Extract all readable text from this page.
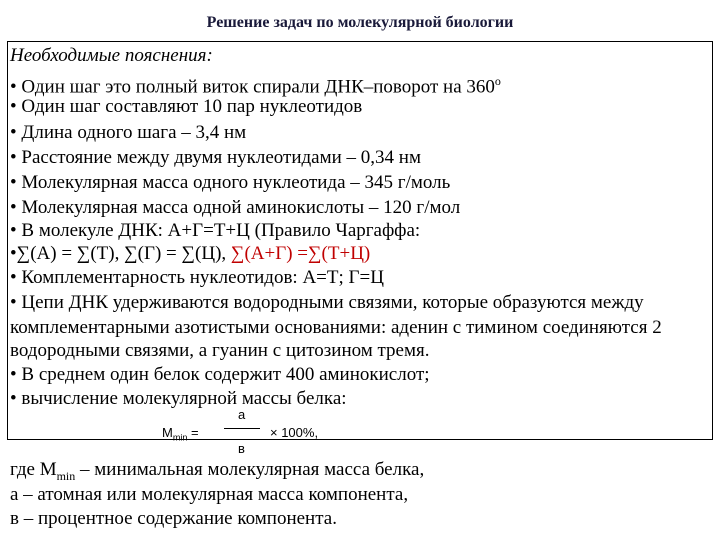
Решение задач по молекулярной биологии
Необходимые пояснения:
• Один шаг это полный виток спирали ДНК–поворот на $360^о$
• Один шаг составляют 10 пар нуклеотидов
• Длина одного шага – 3,4 нм
• Расстояние между двумя нуклеотидами – 0,34 нм
• Молекулярная масса одного нуклеотида – 345 г/моль
• Молекулярная масса одной аминокислоты – 120 г/мол
• В молекуле ДНК: А+Г=Т+Ц (Правило Чаргаффа:
•∑(А) = ∑(Т), ∑(Г) = ∑(Ц), ∑(А+Г) =∑(Т+Ц)
• Комплементарность нуклеотидов: А=Т; Г=Ц
• Цепи ДНК удерживаются водородными связями, которые образуются между
комплементарными азотистыми основаниями: аденин с тимином соединяются 2
водородными связями, а гуанин с цитозином тремя.
• В среднем один белок содержит 400 аминокислот;
• вычисление молекулярной массы белка:
$M_{min}$ =
а
в
× 100%,
где $M_{min}$ – минимальная молекулярная масса белка,
а – атомная или молекулярная масса компонента,
в – процентное содержание компонента.
